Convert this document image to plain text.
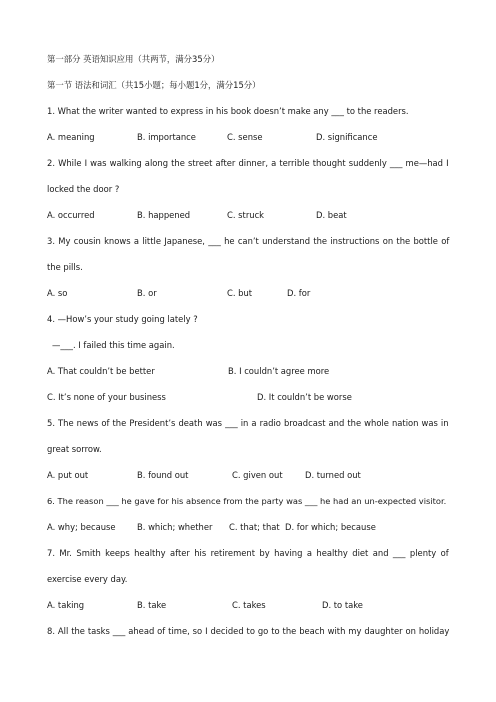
第一部分 英语知识应用（共两节，满分35分）
第一节 语法和词汇（共15小题；每小题1分，满分15分）
1. What the writer wanted to express in his book doesn’t make any ___ to the readers.
A. meaning	B. importance	C. sense	D. significance
2. While I was walking along the street after dinner, a terrible thought suddenly ___ me—had I
locked the door ?
A. occurred	B. happened	C. struck	D. beat
3. My cousin knows a little Japanese, ___ he can’t understand the instructions on the bottle of
the pills.
A. so	B. or	C. but	D. for
4. —How’s your study going lately ?
—___. I failed this time again.
A. That couldn’t be better	B. I couldn’t agree more
C. It’s none of your business	D. It couldn’t be worse
5. The news of the President’s death was ___ in a radio broadcast and the whole nation was in
great sorrow.
A. put out	B. found out	C. given out	D. turned out
6. The reason ___ he gave for his absence from the party was ___ he had an un-expected visitor.
A. why; because	B. which; whether C. that; that D. for which; because
7. Mr. Smith keeps healthy after his retirement by having a healthy diet and ___ plenty of
exercise every day.
A. taking	B. take	C. takes	D. to take
8. All the tasks ___ ahead of time, so I decided to go to the beach with my daughter on holiday
